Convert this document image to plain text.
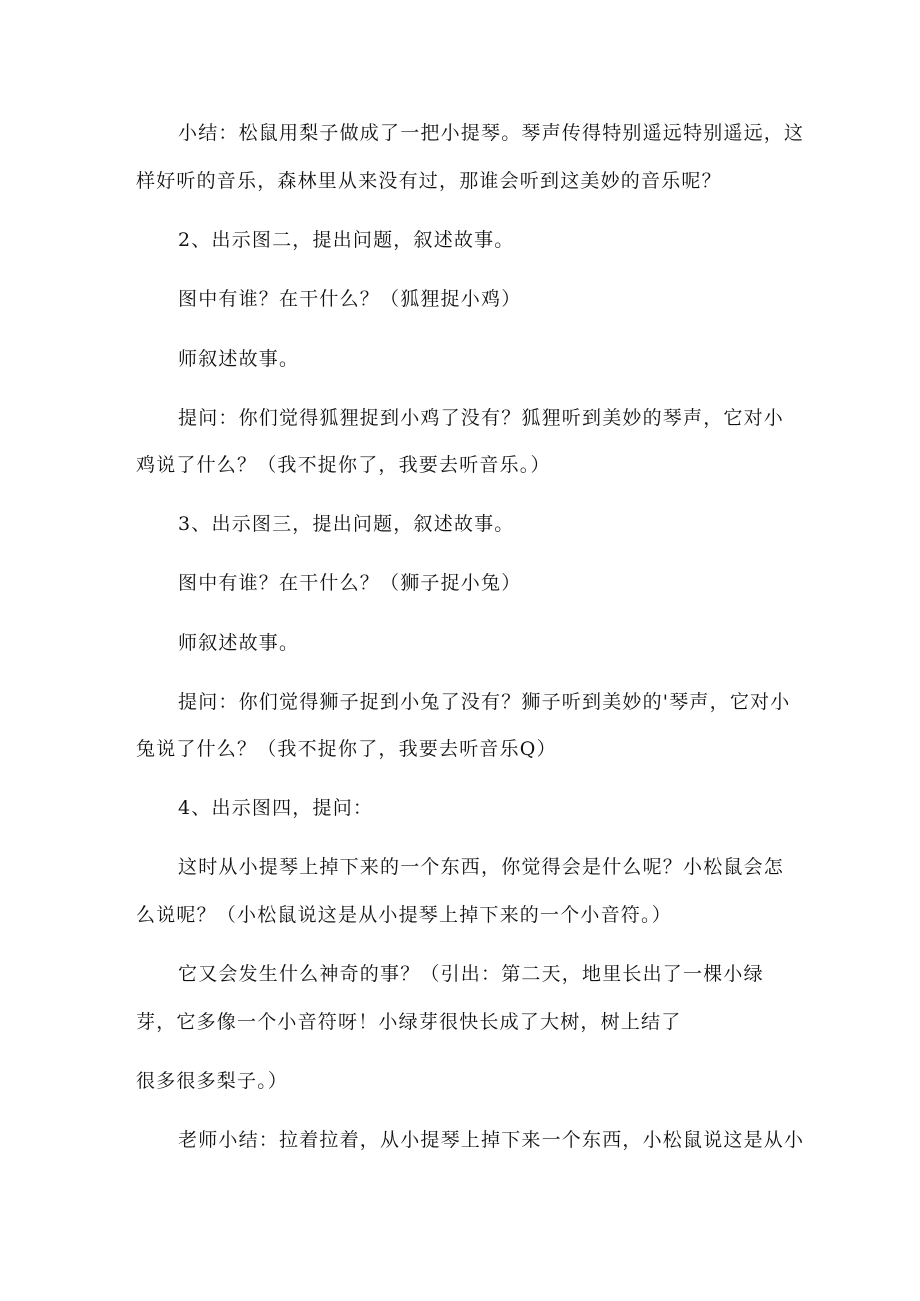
小结：松鼠用梨子做成了一把小提琴。琴声传得特别遥远特别遥远，这
样好听的音乐，森林里从来没有过，那谁会听到这美妙的音乐呢？
2、出示图二，提出问题，叙述故事。
图中有谁？在干什么？（狐狸捉小鸡）
师叙述故事。
提问：你们觉得狐狸捉到小鸡了没有？狐狸听到美妙的琴声，它对小
鸡说了什么？（我不捉你了，我要去听音乐。）
3、出示图三，提出问题，叙述故事。
图中有谁？在干什么？（狮子捉小兔）
师叙述故事。
提问：你们觉得狮子捉到小兔了没有？狮子听到美妙的'琴声，它对小
兔说了什么？（我不捉你了，我要去听音乐Q）
4、出示图四，提问：
这时从小提琴上掉下来的一个东西，你觉得会是什么呢？小松鼠会怎
么说呢？（小松鼠说这是从小提琴上掉下来的一个小音符。）
它又会发生什么神奇的事？（引出：第二天，地里长出了一棵小绿
芽，它多像一个小音符呀！小绿芽很快长成了大树，树上结了
很多很多梨子。）
老师小结：拉着拉着，从小提琴上掉下来一个东西，小松鼠说这是从小
